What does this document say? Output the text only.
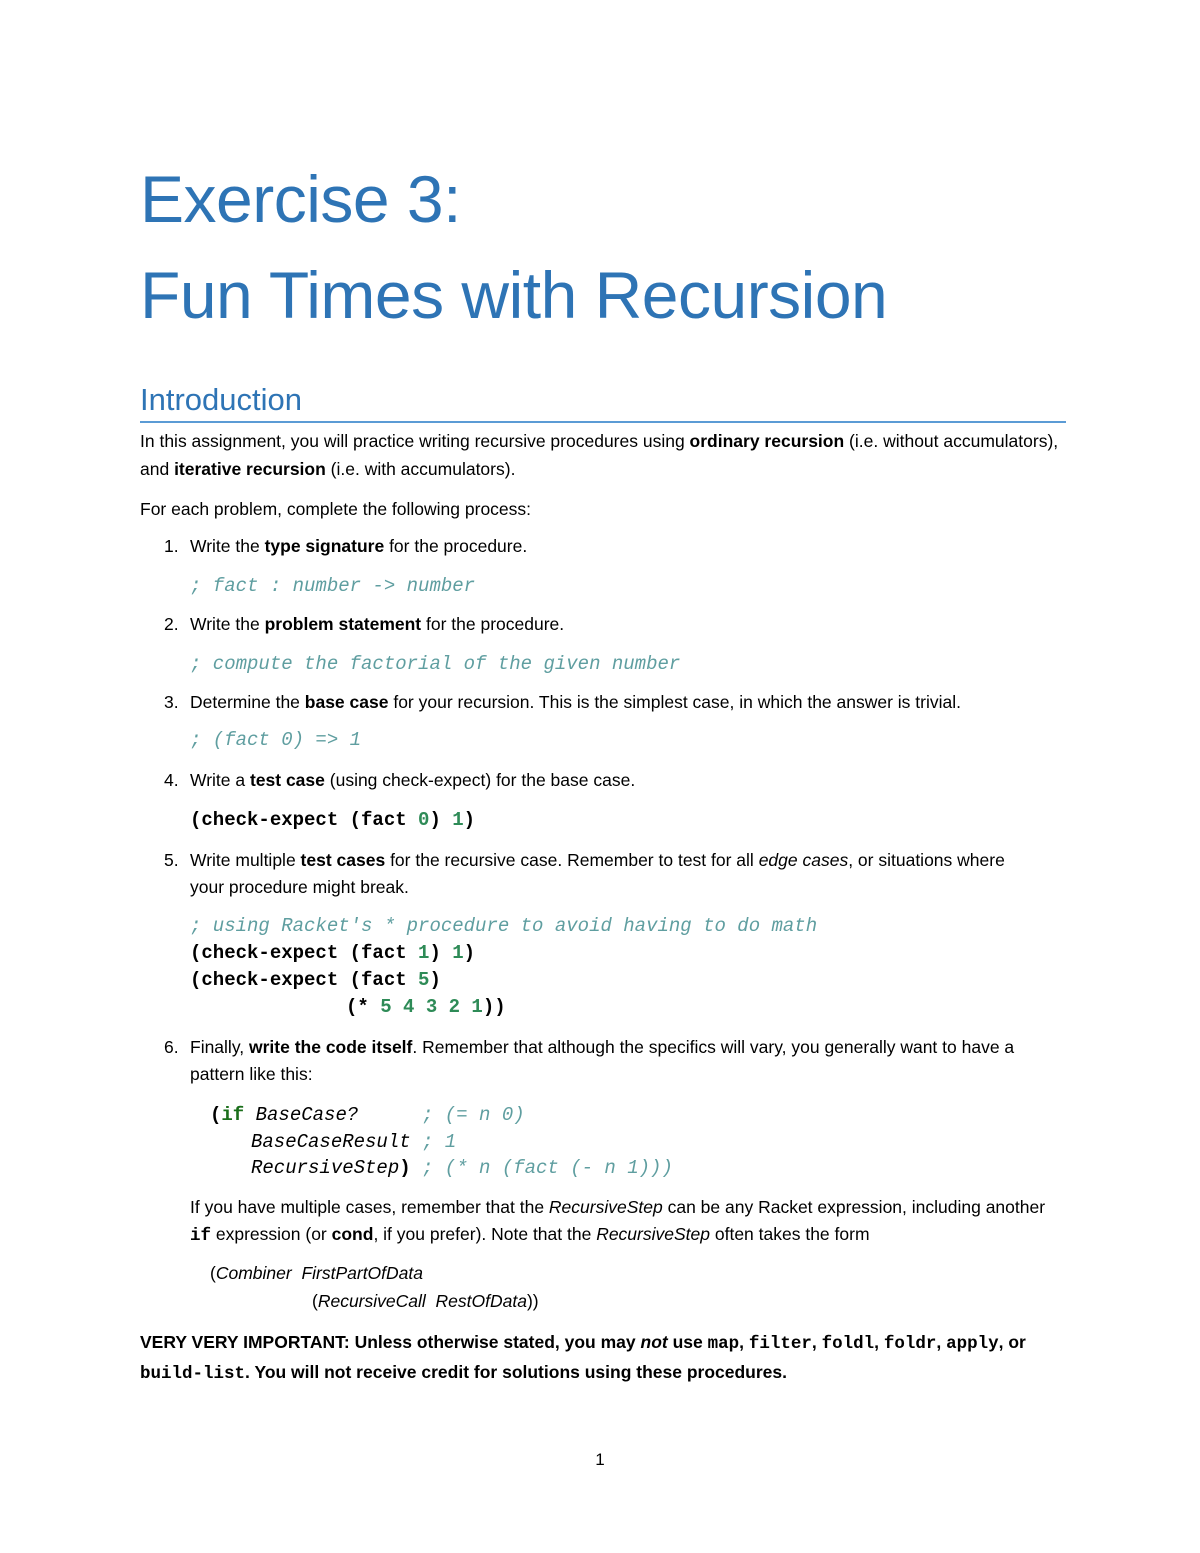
Exercise 3:
Fun Times with Recursion
Introduction
In this assignment, you will practice writing recursive procedures using ordinary recursion (i.e. without accumulators), and iterative recursion (i.e. with accumulators).
For each problem, complete the following process:
1. Write the type signature for the procedure.
; fact : number -> number
2. Write the problem statement for the procedure.
; compute the factorial of the given number
3. Determine the base case for your recursion. This is the simplest case, in which the answer is trivial.
; (fact 0) => 1
4. Write a test case (using check-expect) for the base case.
(check-expect (fact 0) 1)
5. Write multiple test cases for the recursive case. Remember to test for all edge cases, or situations where your procedure might break.
; using Racket's * procedure to avoid having to do math
(check-expect (fact 1) 1)
(check-expect (fact 5)
(* 5 4 3 2 1))
6. Finally, write the code itself. Remember that although the specifics will vary, you generally want to have a pattern like this:
(if BaseCase?	; (= n 0)
BaseCaseResult ; 1
RecursiveStep) ; (* n (fact (- n 1)))
If you have multiple cases, remember that the RecursiveStep can be any Racket expression, including another if expression (or cond, if you prefer). Note that the RecursiveStep often takes the form
(Combiner FirstPartOfData
(RecursiveCall RestOfData))
VERY VERY IMPORTANT: Unless otherwise stated, you may not use map, filter, foldl, foldr, apply, or build-list. You will not receive credit for solutions using these procedures.
1
